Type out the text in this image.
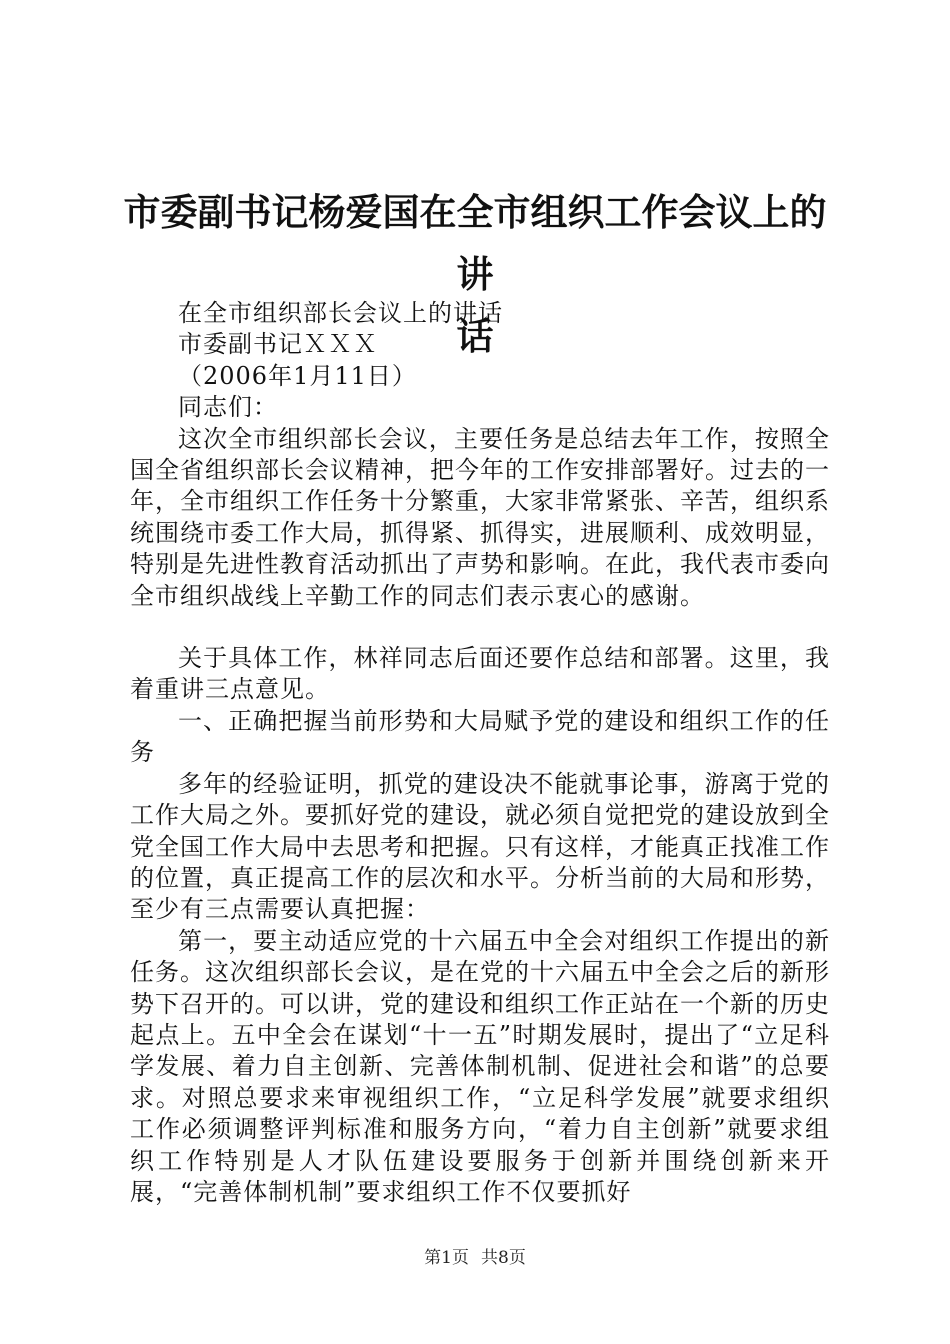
市委副书记杨爱国在全市组织工作会议上的讲
话

在全市组织部长会议上的讲话

市委副书记ＸＸＸ

（2006年1月11日）

同志们：

这次全市组织部长会议，主要任务是总结去年工作，按照全国全省组织部长会议精神，把今年的工作安排部署好。过去的一年，全市组织工作任务十分繁重，大家非常紧张、辛苦，组织系统围绕市委工作大局，抓得紧、抓得实，进展顺利、成效明显，特别是先进性教育活动抓出了声势和影响。在此，我代表市委向全市组织战线上辛勤工作的同志们表示衷心的感谢。

关于具体工作，林祥同志后面还要作总结和部署。这里，我着重讲三点意见。

一、正确把握当前形势和大局赋予党的建设和组织工作的任务

多年的经验证明，抓党的建设决不能就事论事，游离于党的工作大局之外。要抓好党的建设，就必须自觉把党的建设放到全党全国工作大局中去思考和把握。只有这样，才能真正找准工作的位置，真正提高工作的层次和水平。分析当前的大局和形势，至少有三点需要认真把握：

第一，要主动适应党的十六届五中全会对组织工作提出的新任务。这次组织部长会议，是在党的十六届五中全会之后的新形势下召开的。可以讲，党的建设和组织工作正站在一个新的历史起点上。五中全会在谋划“十一五”时期发展时，提出了“立足科学发展、着力自主创新、完善体制机制、促进社会和谐”的总要求。对照总要求来审视组织工作，“立足科学发展”就要求组织工作必须调整评判标准和服务方向，“着力自主创新”就要求组织工作特别是人才队伍建设要服务于创新并围绕创新来开展，“完善体制机制”要求组织工作不仅要抓好

第1页 共8页
